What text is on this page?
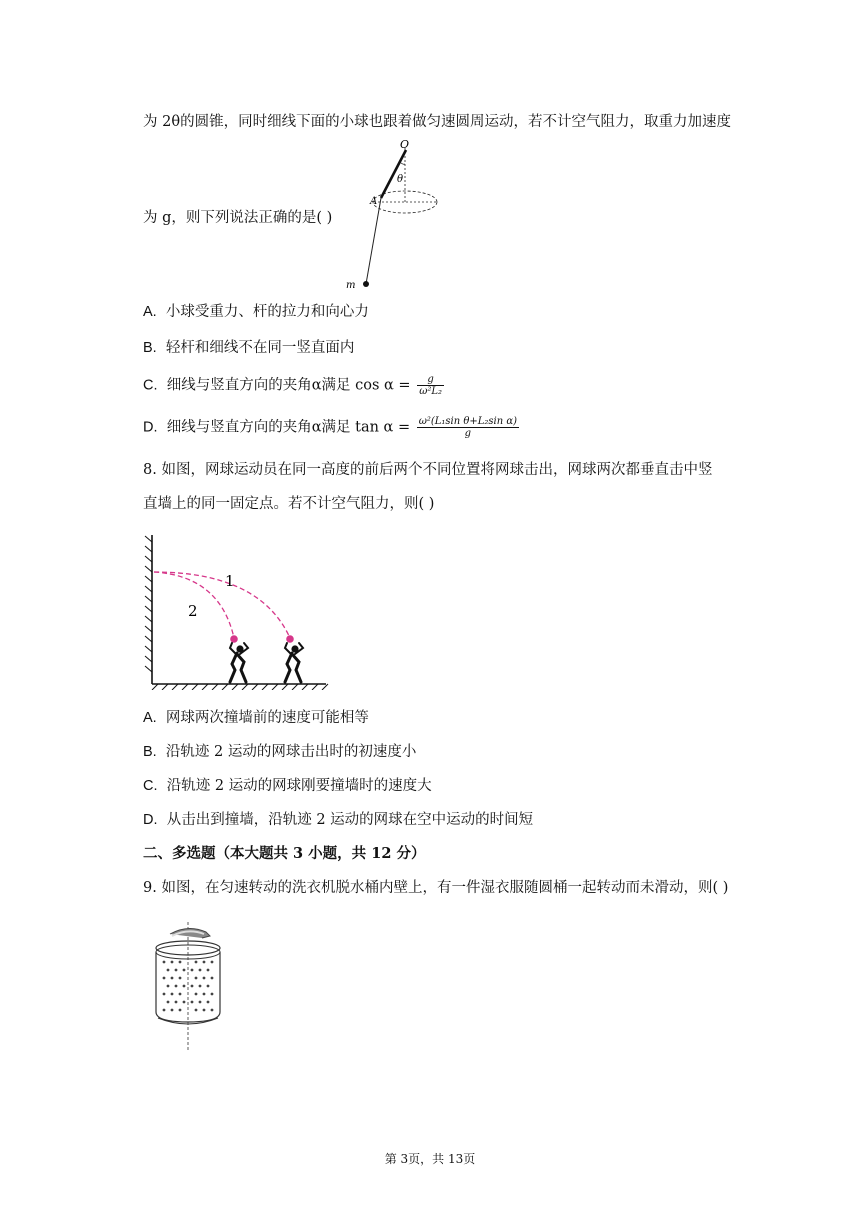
为 2θ的圆锥，同时细线下面的小球也跟着做匀速圆周运动，若不计空气阻力，取重力加速度
O
θ
A
m
为 g，则下列说法正确的是( )
A. 小球受重力、杆的拉力和向心力
B. 轻杆和细线不在同一竖直面内
C. 细线与竖直方向的夹角α满足 $\cos \alpha = \frac{g}{\text{ω²L₂}}$
D. 细线与竖直方向的夹角α满足 $\tan \alpha = \frac{\text{ω²(L₁sin θ+L₂sin α)}}{g}$
8. 如图，网球运动员在同一高度的前后两个不同位置将网球击出，网球两次都垂直击中竖
直墙上的同一固定点。若不计空气阻力，则( )
1
2
A. 网球两次撞墙前的速度可能相等
B. 沿轨迹 2 运动的网球击出时的初速度小
C. 沿轨迹 2 运动的网球刚要撞墙时的速度大
D. 从击出到撞墙，沿轨迹 2 运动的网球在空中运动的时间短
二、多选题（本大题共 3 小题，共 12 分）
9. 如图，在匀速转动的洗衣机脱水桶内壁上，有一件湿衣服随圆桶一起转动而未滑动，则( )
第 3页，共 13页
